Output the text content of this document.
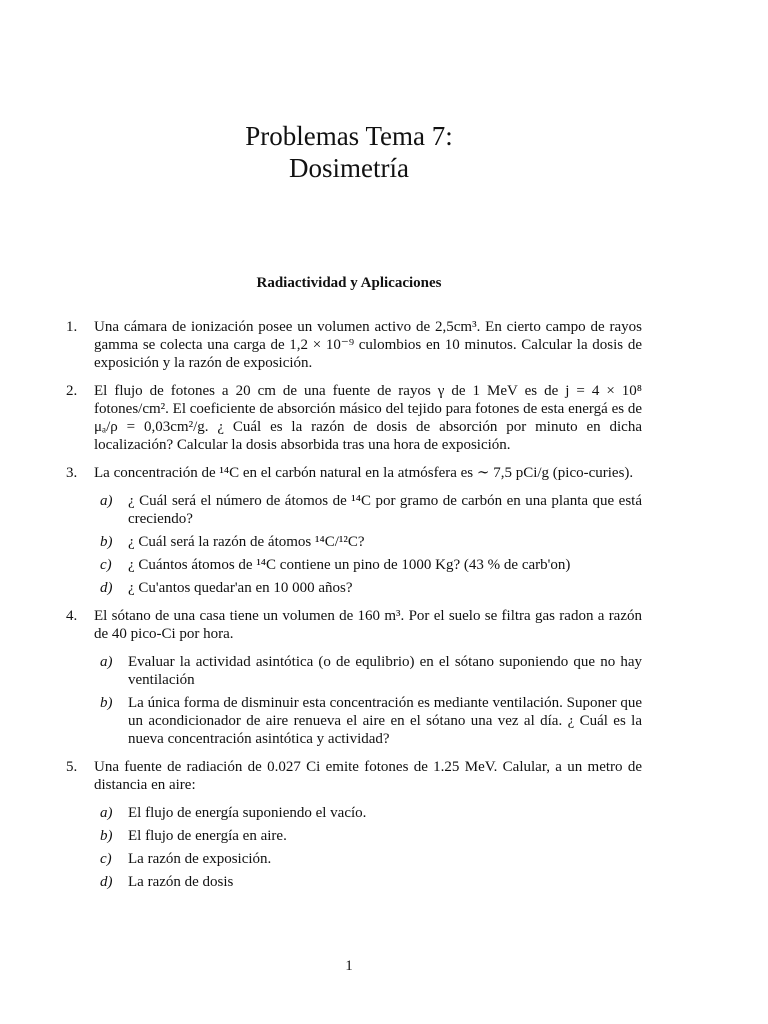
Problemas Tema 7:
Dosimetría
Radiactividad y Aplicaciones
1. Una cámara de ionización posee un volumen activo de 2,5cm³. En cierto campo de rayos gamma se colecta una carga de 1,2 × 10⁻⁹ culombios en 10 minutos. Calcular la dosis de exposición y la razón de exposición.
2. El flujo de fotones a 20 cm de una fuente de rayos γ de 1 MeV es de j = 4 × 10⁸ fotones/cm². El coeficiente de absorción másico del tejido para fotones de esta energá es de μₐ/ρ = 0,03cm²/g. ¿ Cuál es la razón de dosis de absorción por minuto en dicha localización? Calcular la dosis absorbida tras una hora de exposición.
3. La concentración de ¹⁴C en el carbón natural en la atmósfera es ∼ 7,5 pCi/g (pico-curies).
a) ¿ Cuál será el número de átomos de ¹⁴C por gramo de carbón en una planta que está creciendo?
b) ¿ Cuál será la razón de átomos ¹⁴C/¹²C?
c) ¿ Cuántos átomos de ¹⁴C contiene un pino de 1000 Kg? (43 % de carb'on)
d) ¿ Cu'antos quedar'an en 10 000 años?
4. El sótano de una casa tiene un volumen de 160 m³. Por el suelo se filtra gas radon a razón de 40 pico-Ci por hora.
a) Evaluar la actividad asintótica (o de equlibrio) en el sótano suponiendo que no hay ventilación
b) La única forma de disminuir esta concentración es mediante ventilación. Suponer que un acondicionador de aire renueva el aire en el sótano una vez al día. ¿ Cuál es la nueva concentración asintótica y actividad?
5. Una fuente de radiación de 0.027 Ci emite fotones de 1.25 MeV. Calular, a un metro de distancia en aire:
a) El flujo de energía suponiendo el vacío.
b) El flujo de energía en aire.
c) La razón de exposición.
d) La razón de dosis
1
